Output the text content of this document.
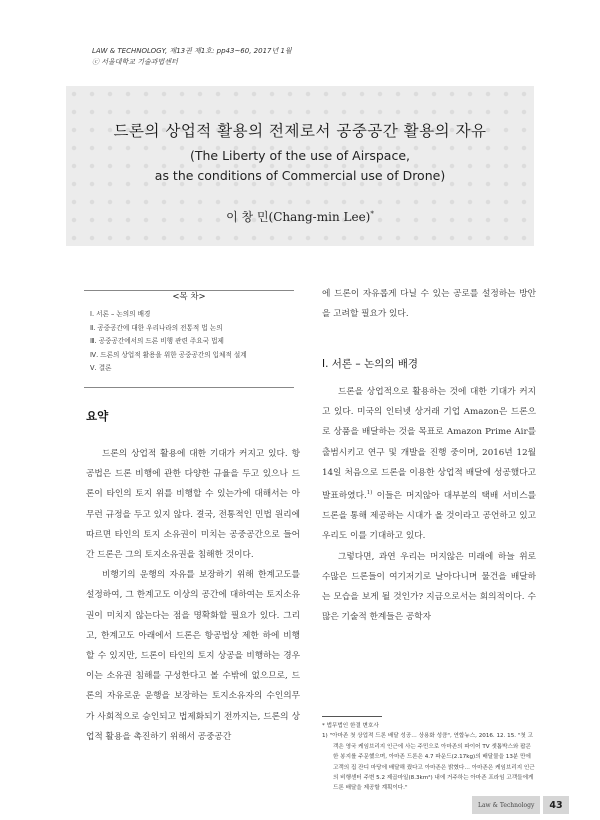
LAW & TECHNOLOGY, 제13권 제1호: pp43~60, 2017년 1월
ⓒ 서울대학교 기술과법센터
드론의 상업적 활용의 전제로서 공중공간 활용의 자유
(The Liberty of the use of Airspace,
as the conditions of Commercial use of Drone)
이 창 민(Chang-min Lee)*
<목 차>
Ⅰ. 서론 – 논의의 배경
Ⅱ. 공중공간에 대한 우리나라의 전통적 법 논의
Ⅲ. 공중공간에서의 드론 비행 관련 주요국 법제
Ⅳ. 드론의 상업적 활용을 위한 공중공간의 입체적 설계
Ⅴ. 결론
요약

드론의 상업적 활용에 대한 기대가 커지고 있다. 항공법은 드론 비행에 관한 다양한 규율을 두고 있으나 드론이 타인의 토지 위를 비행할 수 있는가에 대해서는 아무런 규정을 두고 있지 않다. 결국, 전통적인 민법 원리에 따르면 타인의 토지 소유권이 미치는 공중공간으로 들어간 드론은 그의 토지소유권을 침해한 것이다.

비행기의 운행의 자유를 보장하기 위해 한계고도를 설정하여, 그 한계고도 이상의 공간에 대하여는 토지소유권이 미치지 않는다는 점을 명확화할 필요가 있다. 그리고, 한계고도 아래에서 드론은 항공법상 제한 하에 비행할 수 있지만, 드론이 타인의 토지 상공을 비행하는 경우 이는 소유권 침해를 구성한다고 볼 수밖에 없으므로, 드론의 자유로운 운행을 보장하는 토지소유자의 수인의무가 사회적으로 승인되고 법제화되기 전까지는, 드론의 상업적 활용을 촉진하기 위해서 공중공간

에 드론이 자유롭게 다닐 수 있는 공로를 설정하는 방안을 고려할 필요가 있다.

Ⅰ. 서론 – 논의의 배경

드론을 상업적으로 활용하는 것에 대한 기대가 커지고 있다. 미국의 인터넷 상거래 기업 Amazon은 드론으로 상품을 배달하는 것을 목표로 Amazon Prime Air를 출범시키고 연구 및 개발을 진행 중이며, 2016년 12월 14일 처음으로 드론을 이용한 상업적 배달에 성공했다고 발표하였다.$^{1)}$ 이들은 머지않아 대부분의 택배 서비스를 드론을 통해 제공하는 시대가 올 것이라고 공언하고 있고 우리도 이를 기대하고 있다.

그렇다면, 과연 우리는 머지않은 미래에 하늘 위로 수많은 드론들이 여기저기로 날아다니며 물건을 배달하는 모습을 보게 될 것인가? 지금으로서는 회의적이다. 수많은 기술적 한계들은 공학자

* 법무법인 한결 변호사

1) "아마존 첫 상업적 드론 배달 성공… 상용화 성큼", 연합뉴스, 2016. 12. 15. "첫 고객은 영국 케임브리지 인근에 사는 주민으로 아마존의 파이어 TV 셋톱박스와 팝콘 한 봉지를 주문했으며, 아마존 드론은 4.7 파운드(2.17kg)의 배달물을 13분 만에 고객의 집 잔디 마당에 배달해 줬다고 아마존은 밝혔다… 아마존은 케임브리지 인근의 비행센터 주변 5.2 제곱마일(8.3km²) 내에 거주하는 아마존 프라임 고객들에게 드론 배달을 제공할 계획이다."

Law & Technology	43
